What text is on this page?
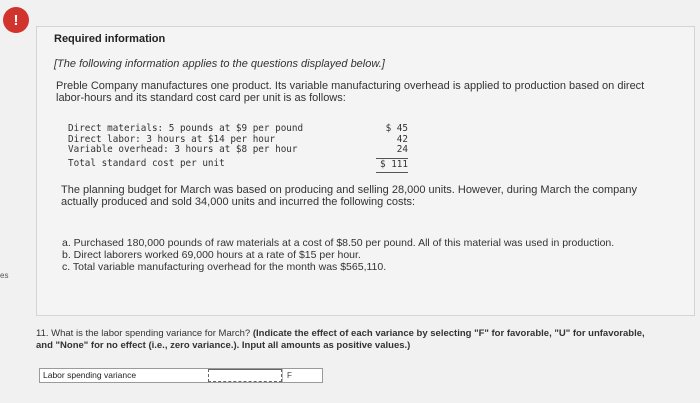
!
es
Required information
[The following information applies to the questions displayed below.]
Preble Company manufactures one product. Its variable manufacturing overhead is applied to production based on direct labor-hours and its standard cost card per unit is as follows:
Direct materials: 5 pounds at $9 per pound	$ 45
Direct labor: 3 hours at $14 per hour	42
Variable overhead: 3 hours at $8 per hour	24
Total standard cost per unit	$ 111
The planning budget for March was based on producing and selling 28,000 units. However, during March the company actually produced and sold 34,000 units and incurred the following costs:
a. Purchased 180,000 pounds of raw materials at a cost of $8.50 per pound. All of this material was used in production.
b. Direct laborers worked 69,000 hours at a rate of $15 per hour.
c. Total variable manufacturing overhead for the month was $565,110.
11. What is the labor spending variance for March? (Indicate the effect of each variance by selecting "F" for favorable, "U" for unfavorable, and "None" for no effect (i.e., zero variance.). Input all amounts as positive values.)
Labor spending variance	F
